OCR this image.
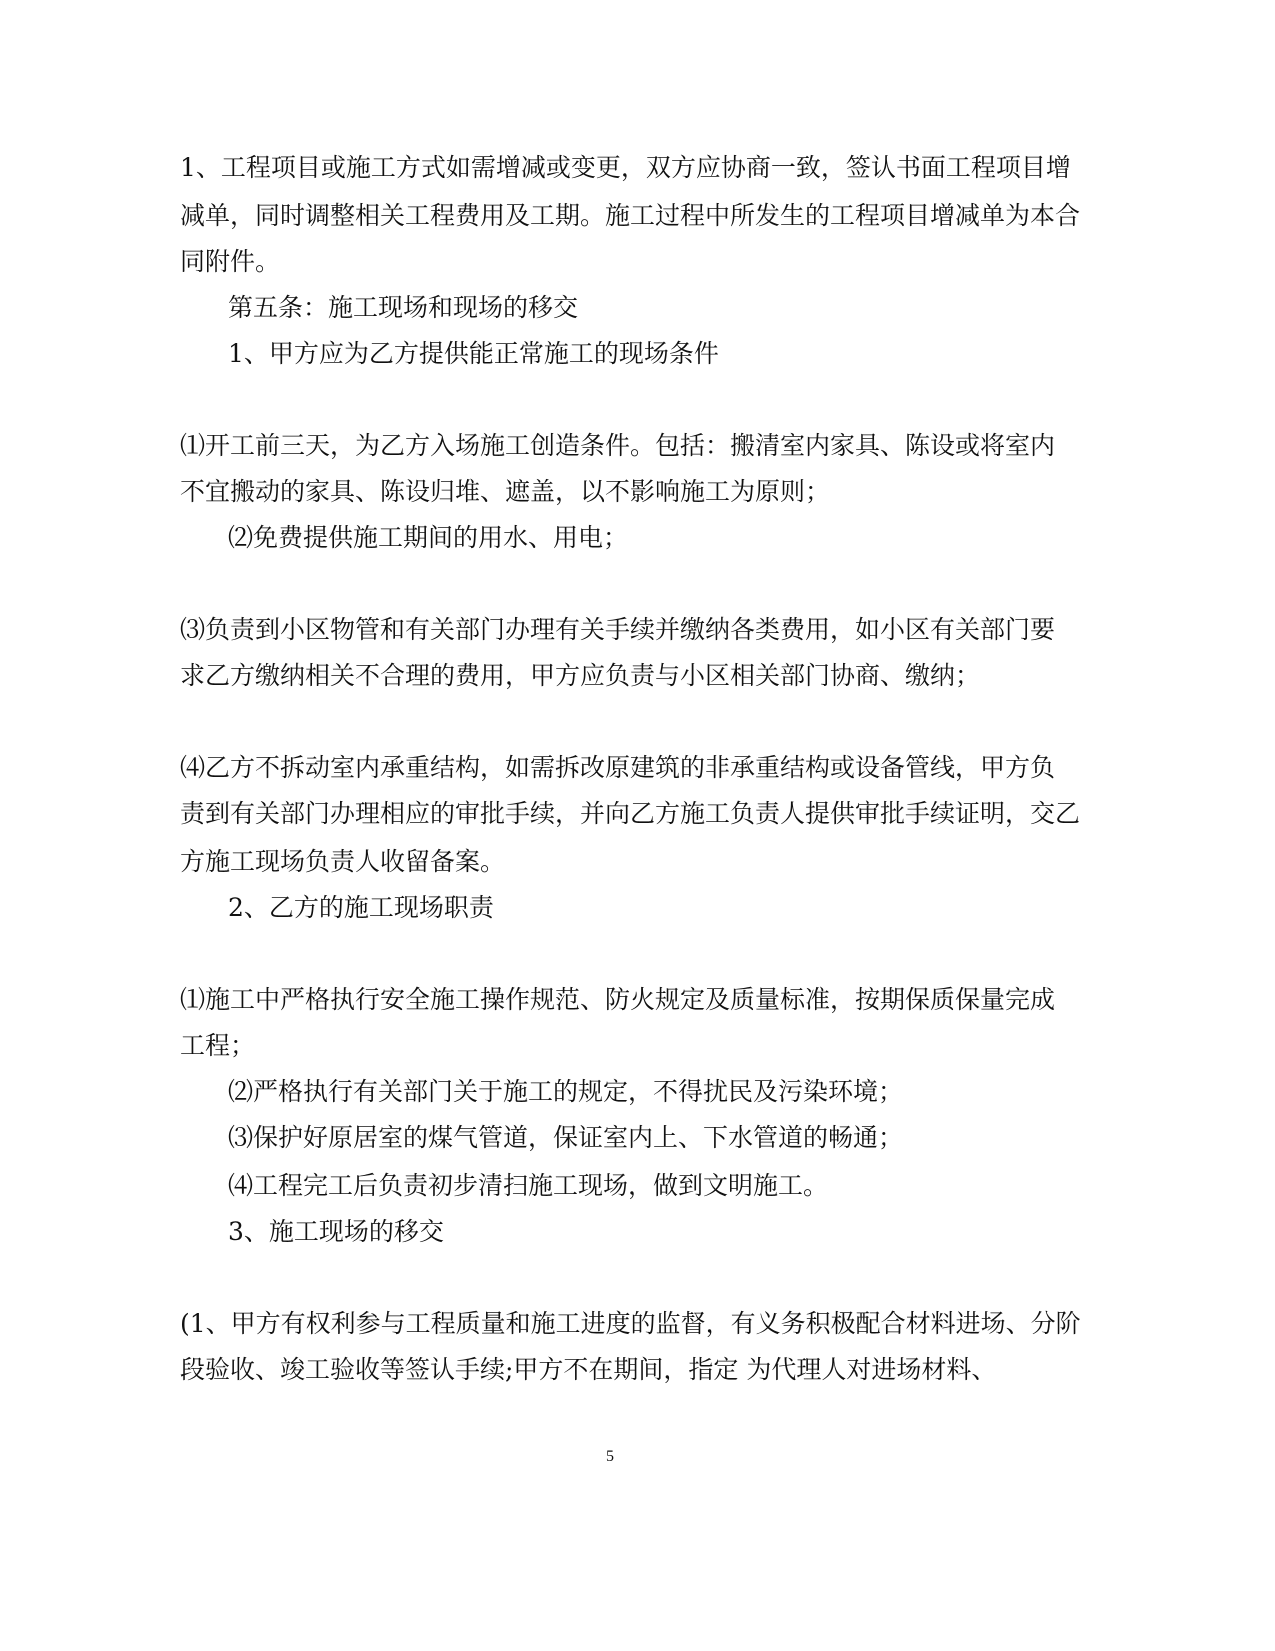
1、工程项目或施工方式如需增减或变更，双方应协商一致，签认书面工程项目增

减单，同时调整相关工程费用及工期。施工过程中所发生的工程项目增减单为本合

同附件。

第五条：施工现场和现场的移交

1、甲方应为乙方提供能正常施工的现场条件

⑴开工前三天，为乙方入场施工创造条件。包括：搬清室内家具、陈设或将室内

不宜搬动的家具、陈设归堆、遮盖，以不影响施工为原则；

⑵免费提供施工期间的用水、用电；

⑶负责到小区物管和有关部门办理有关手续并缴纳各类费用，如小区有关部门要

求乙方缴纳相关不合理的费用，甲方应负责与小区相关部门协商、缴纳；

⑷乙方不拆动室内承重结构，如需拆改原建筑的非承重结构或设备管线，甲方负

责到有关部门办理相应的审批手续，并向乙方施工负责人提供审批手续证明，交乙

方施工现场负责人收留备案。

2、乙方的施工现场职责

⑴施工中严格执行安全施工操作规范、防火规定及质量标准，按期保质保量完成

工程；

⑵严格执行有关部门关于施工的规定，不得扰民及污染环境；

⑶保护好原居室的煤气管道，保证室内上、下水管道的畅通；

⑷工程完工后负责初步清扫施工现场，做到文明施工。

3、施工现场的移交

(1、甲方有权利参与工程质量和施工进度的监督，有义务积极配合材料进场、分阶

段验收、竣工验收等签认手续;甲方不在期间，指定 为代理人对进场材料、

5
